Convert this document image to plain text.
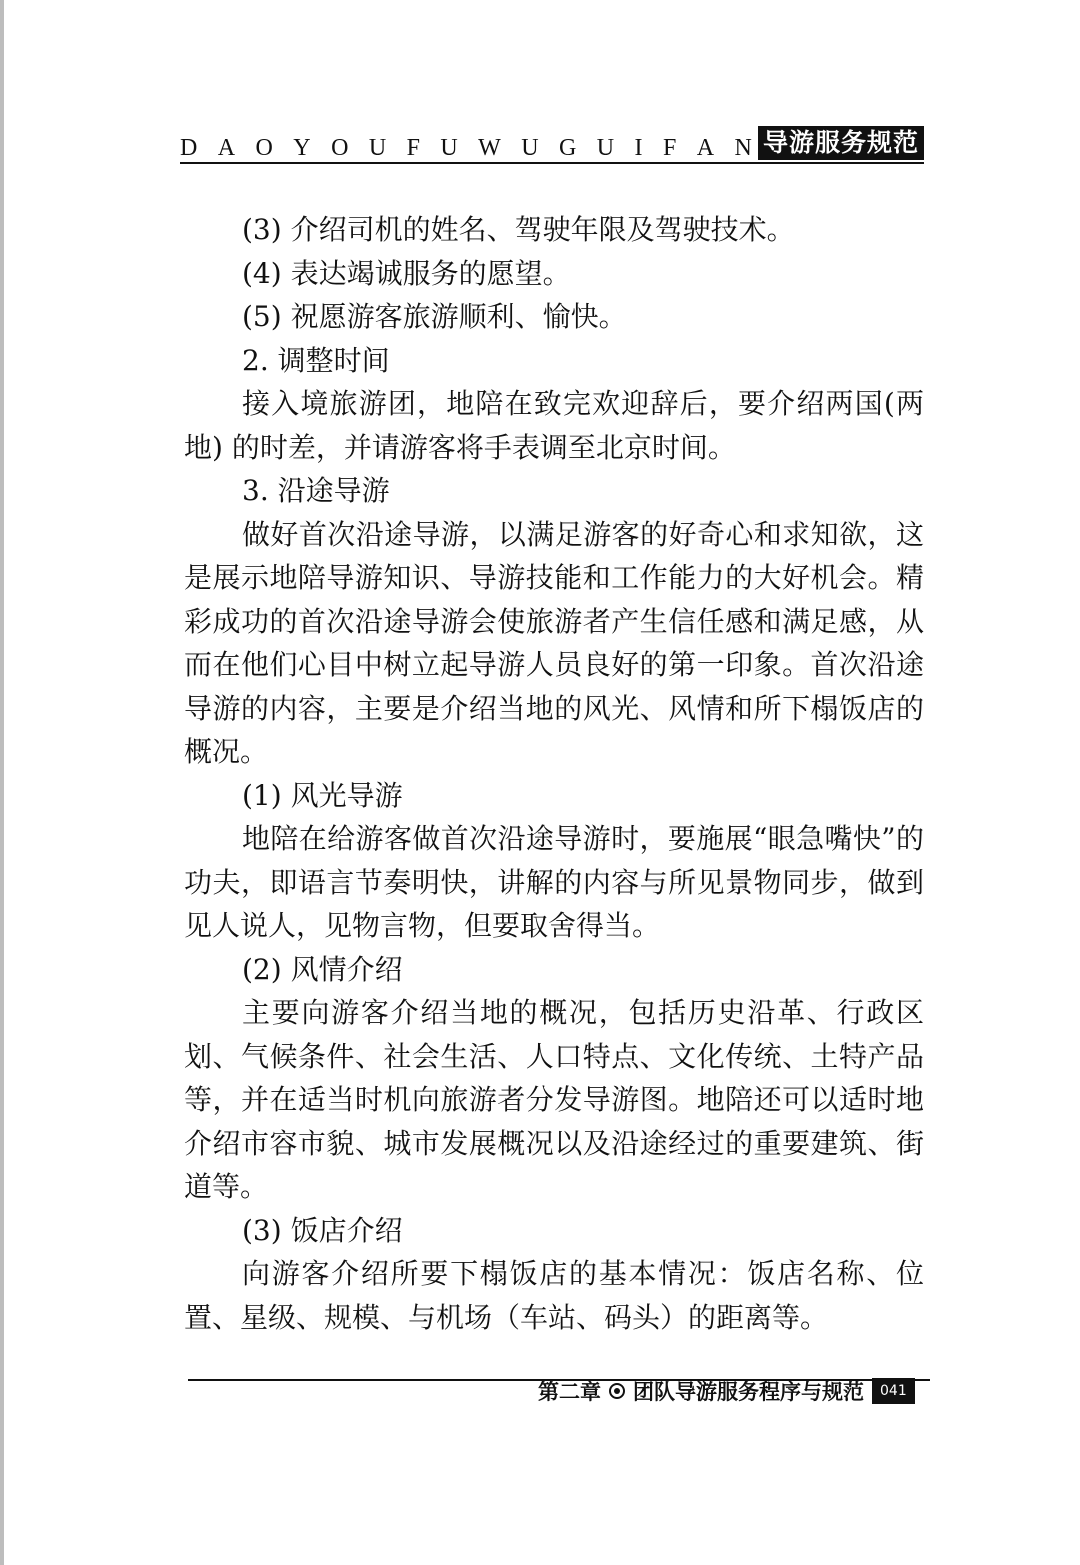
D A O Y O U F U W U G U I F A N 导游服务规范

(3) 介绍司机的姓名、驾驶年限及驾驶技术。

(4) 表达竭诚服务的愿望。

(5) 祝愿游客旅游顺利、愉快。

2. 调整时间

接入境旅游团，地陪在致完欢迎辞后，要介绍两国(两地) 的时差，并请游客将手表调至北京时间。

3. 沿途导游

做好首次沿途导游，以满足游客的好奇心和求知欲，这是展示地陪导游知识、导游技能和工作能力的大好机会。精彩成功的首次沿途导游会使旅游者产生信任感和满足感，从而在他们心目中树立起导游人员良好的第一印象。首次沿途导游的内容，主要是介绍当地的风光、风情和所下榻饭店的概况。

(1) 风光导游

地陪在给游客做首次沿途导游时，要施展“眼急嘴快”的功夫，即语言节奏明快，讲解的内容与所见景物同步，做到见人说人，见物言物，但要取舍得当。

(2) 风情介绍

主要向游客介绍当地的概况，包括历史沿革、行政区划、气候条件、社会生活、人口特点、文化传统、土特产品等，并在适当时机向旅游者分发导游图。地陪还可以适时地介绍市容市貌、城市发展概况以及沿途经过的重要建筑、街道等。

(3) 饭店介绍

向游客介绍所要下榻饭店的基本情况：饭店名称、位置、星级、规模、与机场（车站、码头）的距离等。

第二章 团队导游服务程序与规范	041
